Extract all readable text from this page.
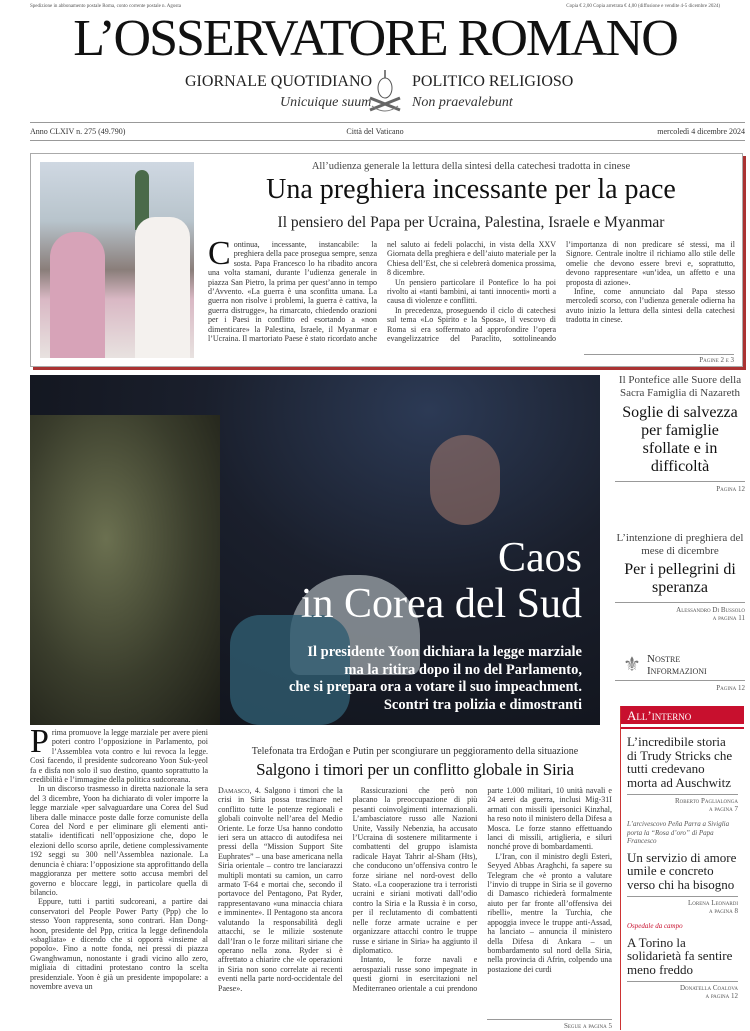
Spedizione in abbonamento postale Roma, conto corrente postale n. Agosta	Copia € 2,00 Copia arretrata € 4,00 (diffusione e vendite 4-5 dicembre 2024)
L’OSSERVATORE ROMANO
GIORNALE QUOTIDIANO POLITICO RELIGIOSO
Unicuique suum	Non praevalebunt
Anno CLXIV n. 275 (49.790)	Città del Vaticano	mercoledì 4 dicembre 2024
All’udienza generale la lettura della sintesi della catechesi tradotta in cinese
Una preghiera incessante per la pace
Il pensiero del Papa per Ucraina, Palestina, Israele e Myanmar

Continua, incessante, instancabile: la preghiera della pace prosegua sempre, senza sosta. Papa Francesco lo ha ribadito ancora una volta stamani, durante l’udienza generale in piazza San Pietro, la prima per quest’anno in tempo d’Avvento. «La guerra è una sconfitta umana. La guerra non risolve i problemi, la guerra è cattiva, la guerra distrugge», ha rimarcato, chiedendo orazioni per i Paesi in conflitto ed esortando a «non dimenticare» la Palestina, Israele, il Myanmar e l’Ucraina. Il martoriato Paese è stato ricordato anche nel saluto ai fedeli polacchi, in vista della XXV Giornata della preghiera e dell’aiuto materiale per la Chiesa dell’Est, che si celebrerà domenica prossima, 8 dicembre.

Un pensiero particolare il Pontefice lo ha poi rivolto ai «tanti bambini, ai tanti innocenti» morti a causa di violenze e conflitti.

In precedenza, proseguendo il ciclo di catechesi sul tema «Lo Spirito e la Sposa», il vescovo di Roma si era soffermato ad approfondire l’opera evangelizzatrice del Paraclito, sottolineando l’importanza di non predicare sé stessi, ma il Signore. Centrale inoltre il richiamo allo stile delle omelie che devono essere brevi e, soprattutto, devono rappresentare «un’idea, un affetto e una proposta di azione».

Infine, come annunciato dal Papa stesso mercoledì scorso, con l’udienza generale odierna ha avuto inizio la lettura della sintesi della catechesi tradotta in cinese.

Pagine 2 e 3
Caos
in Corea del Sud
Il presidente Yoon dichiara la legge marziale
ma la ritira dopo il no del Parlamento,
che si prepara ora a votare il suo impeachment.
Scontri tra polizia e dimostranti

Prima promuove la legge marziale per avere pieni poteri contro l’opposizione in Parlamento, poi l’Assemblea vota contro e lui revoca la legge. Così facendo, il presidente sudcoreano Yoon Suk-yeol fa e disfa non solo il suo destino, quanto soprattutto la credibilità e l’immagine della politica sudcoreana.

In un discorso trasmesso in diretta nazionale la sera del 3 dicembre, Yoon ha dichiarato di voler imporre la legge marziale «per salvaguardare una Corea del Sud libera dalle minacce poste dalle forze comuniste della Corea del Nord e per eliminare gli elementi anti-statali» identificati nell’opposizione che, dopo le elezioni dello scorso aprile, detiene complessivamente 192 seggi su 300 nell’Assemblea nazionale. La denuncia è chiara: l’opposizione sta approfittando della maggioranza per mettere sotto accusa membri del governo e bloccare leggi, in particolare quella di bilancio.

Eppure, tutti i partiti sudcoreani, a partire dai conservatori del People Power Party (Ppp) che lo stesso Yoon rappresenta, sono contrari. Han Dong-hoon, presidente del Ppp, critica la legge definendola «sbagliata» e dicendo che si opporrà «insieme al popolo». Fino a notte fonda, nei pressi di piazza Gwanghwamun, nonostante i gradi vicino allo zero, migliaia di cittadini protestano contro la scelta presidenziale. Yoon è già un presidente impopolare: a novembre aveva un

Telefonata tra Erdoğan e Putin per scongiurare un peggioramento della situazione
Salgono i timori per un conflitto globale in Siria

Damasco, 4. Salgono i timori che la crisi in Siria possa trascinare nel conflitto tutte le potenze regionali e globali coinvolte nell’area del Medio Oriente. Le forze Usa hanno condotto ieri sera un attacco di autodifesa nei pressi della “Mission Support Site Euphrates” – una base americana nella Siria orientale – contro tre lanciarazzi multipli montati su camion, un carro armato T-64 e mortai che, secondo il portavoce del Pentagono, Pat Ryder, rappresentavano «una minaccia chiara e imminente». Il Pentagono sta ancora valutando la responsabilità degli attacchi, se le milizie sostenute dall’Iran o le forze militari siriane che operano nella zona. Ryder si è affrettato a chiarire che «le operazioni in Siria non sono correlate ai recenti eventi nella parte nord-occidentale del Paese».

Rassicurazioni che però non placano la preoccupazione di più pesanti coinvolgimenti internazionali. L’ambasciatore russo alle Nazioni Unite, Vassily Nebenzia, ha accusato l’Ucraina di sostenere militarmente i combattenti del gruppo islamista radicale Hayat Tahrir al-Sham (Hts), che conducono un’offensiva contro le forze siriane nel nord-ovest dello Stato. «La cooperazione tra i terroristi ucraini e siriani motivati dall’odio contro la Siria e la Russia è in corso, per il reclutamento di combattenti nelle forze armate ucraine e per organizzare attacchi contro le truppe russe e siriane in Siria» ha aggiunto il diplomatico.

Intanto, le forze navali e aerospaziali russe sono impegnate in questi giorni in esercitazioni nel Mediterraneo orientale a cui prendono parte 1.000 militari, 10 unità navali e 24 aerei da guerra, inclusi Mig-31I armati con missili ipersonici Kinzhal, ha reso noto il ministero della Difesa a Mosca. Le forze stanno effettuando lanci di missili, artiglieria, e siluri nonché prove di bombardamenti.

L’Iran, con il ministro degli Esteri, Seyyed Abbas Araghchi, fa sapere su Telegram che «è pronto a valutare l’invio di truppe in Siria se il governo di Damasco richiederà formalmente aiuto per far fronte all’offensiva dei ribelli», mentre la Turchia, che appoggia invece le truppe anti-Assad, ha lanciato – annuncia il ministero della Difesa di Ankara – un bombardamento sul nord della Siria, nella provincia di Afrin, colpendo una postazione dei curdi

Segue a pagina 5
Il Pontefice alle Suore della Sacra Famiglia di Nazareth
Soglie di salvezza per famiglie sfollate e in difficoltà
Pagina 12
L’intenzione di preghiera del mese di dicembre
Per i pellegrini di speranza
Alessandro Di Bussolo
a pagina 11
⚜ Nostre
Informazioni
Pagina 12
All’interno
L’incredibile storia di Trudy Stricks che tutti credevano morta ad Auschwitz
Roberto Paglialonga
a pagina 7
L’arcivescovo Peña Parra a Siviglia porta la “Rosa d’oro” di Papa Francesco
Un servizio di amore umile e concreto verso chi ha bisogno
Lorena Leonardi
a pagina 8
Ospedale da campo
A Torino la solidarietà fa sentire meno freddo
Donatella Coalova
a pagina 12
